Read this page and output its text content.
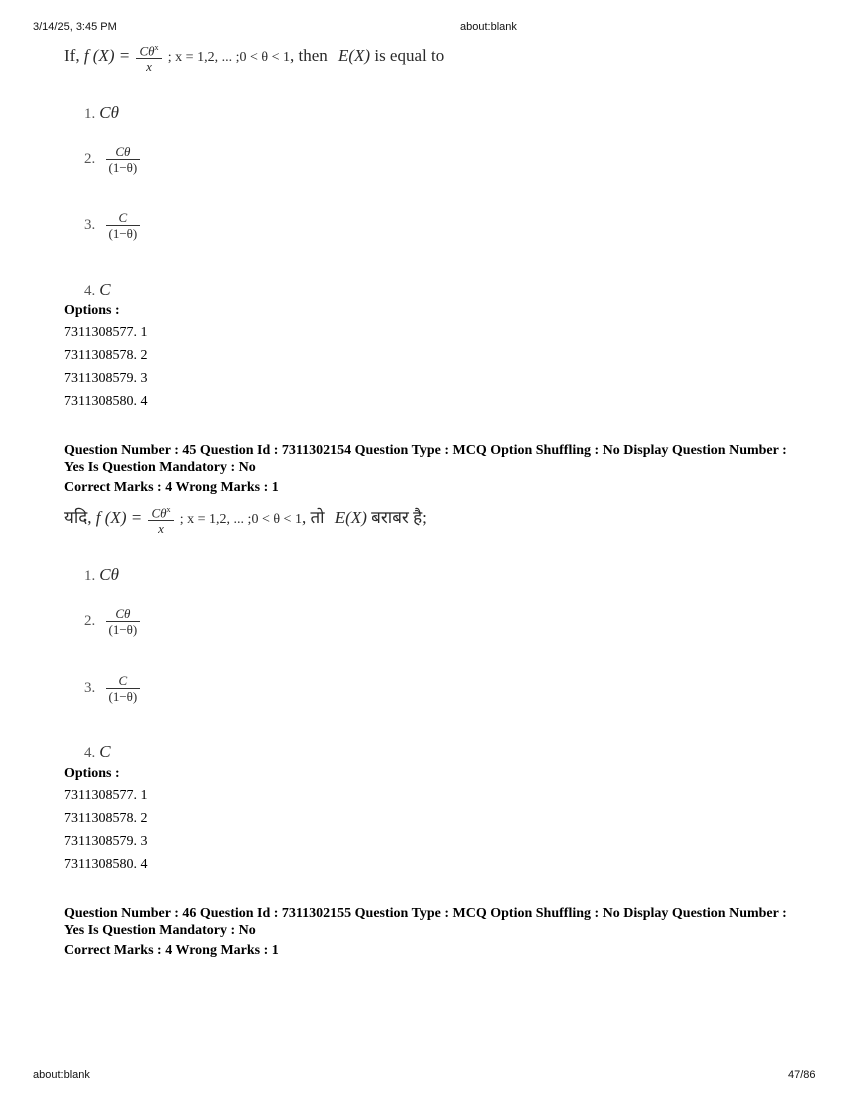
3/14/25, 3:45 PM	about:blank
If, f $(X) = \frac{C\theta^x}{x}$ ; x = 1,2, ... ;0 < θ < 1, then E(X) is equal to
1. Cθ
2. $\frac{C\theta}{(1-\theta)}$
3. $\frac{C}{(1-\theta)}$
4. C
Options :
7311308577. 1
7311308578. 2
7311308579. 3
7311308580. 4
Question Number : 45 Question Id : 7311302154 Question Type : MCQ Option Shuffling : No Display Question Number : Yes Is Question Mandatory : No
Correct Marks : 4 Wrong Marks : 1
यदि, f $(X) = \frac{C\theta^x}{x}$ ; x = 1,2, ... ;0 < θ < 1, तो E(X) बराबर है;
1. Cθ
2. $\frac{C\theta}{(1-\theta)}$
3. $\frac{C}{(1-\theta)}$
4. C
Options :
7311308577. 1
7311308578. 2
7311308579. 3
7311308580. 4
Question Number : 46 Question Id : 7311302155 Question Type : MCQ Option Shuffling : No Display Question Number : Yes Is Question Mandatory : No
Correct Marks : 4 Wrong Marks : 1
about:blank	47/86
